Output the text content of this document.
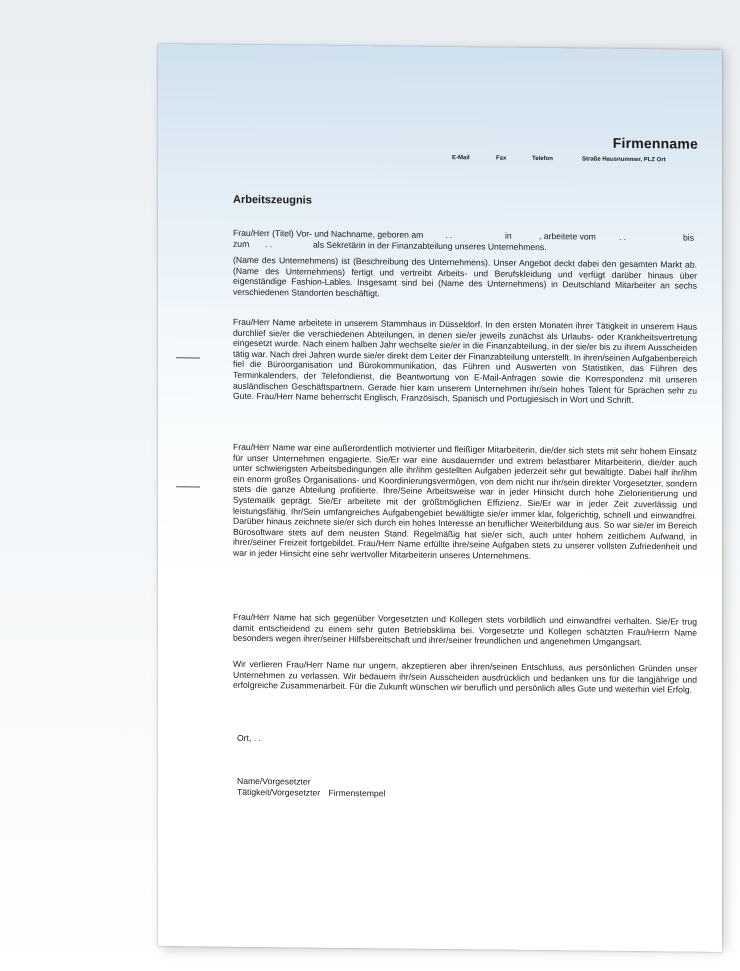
Firmenname
E-Mail	Fax	Telefon	Straße Hausnummer, PLZ Ort
Arbeitszeugnis
Frau/Herr (Titel) Vor- und Nachname, geboren am	. .	in	, arbeitete vom	. .	bis
zum . .	als Sekretärin in der Finanzabteilung unseres Unternehmens.
(Name des Unternehmens) ist (Beschreibung des Unternehmens). Unser Angebot deckt dabei den gesamten Markt ab. (Name des Unternehmens) fertigt und vertreibt Arbeits- und Berufskleidung und verfügt darüber hinaus über eigenständige Fashion-Lables. Insgesamt sind bei (Name des Unternehmens) in Deutschland Mitarbeiter an sechs verschiedenen Standorten beschäftigt.
Frau/Herr Name arbeitete in unserem Stammhaus in Düsseldorf. In den ersten Monaten ihrer Tätigkeit in unserem Haus durchlief sie/er die verschiedenen Abteilungen, in denen sie/er jeweils zunächst als Urlaubs- oder Krankheitsvertretung eingesetzt wurde. Nach einem halben Jahr wechselte sie/er in die Finanzabteilung, in der sie/er bis zu ihrem Ausscheiden tätig war. Nach drei Jahren wurde sie/er direkt dem Leiter der Finanzabteilung unterstellt. In ihren/seinen Aufgabenbereich fiel die Büroorganisation und Bürokommunikation, das Führen und Auswerten von Statistiken, das Führen des Terminkalenders, der Telefondienst, die Beantwortung von E-Mail-Anfragen sowie die Korrespondenz mit unseren ausländischen Geschäftspartnern. Gerade hier kam unserem Unternehmen ihr/sein hohes Talent für Sprachen sehr zu Gute. Frau/Herr Name beherrscht Englisch, Französisch, Spanisch und Portugiesisch in Wort und Schrift.
Frau/Herr Name war eine außerordentlich motivierter und fleißiger Mitarbeiterin, die/der sich stets mit sehr hohem Einsatz für unser Unternehmen engagierte. Sie/Er war eine ausdauernder und extrem belastbarer Mitarbeiterin, die/der auch unter schwierigsten Arbeitsbedingungen alle ihr/ihm gestellten Aufgaben jederzeit sehr gut bewältigte. Dabei half ihr/ihm ein enorm großes Organisations- und Koordinierungsvermögen, von dem nicht nur ihr/sein direkter Vorgesetzter, sondern stets die ganze Abteilung profitierte. Ihre/Seine Arbeitsweise war in jeder Hinsicht durch hohe Zielorientierung und Systematik geprägt. Sie/Er arbeitete mit der größtmöglichen Effizienz. Sie/Er war in jeder Zeit zuverlässig und leistungsfähig. Ihr/Sein umfangreiches Aufgabengebiet bewältigte sie/er immer klar, folgerichtig, schnell und einwandfrei. Darüber hinaus zeichnete sie/er sich durch ein hohes Interesse an beruflicher Weiterbildung aus. So war sie/er im Bereich Bürosoftware stets auf dem neusten Stand. Regelmäßig hat sie/er sich, auch unter hohem zeitlichem Aufwand, in ihrer/seiner Freizeit fortgebildet. Frau/Herr Name erfüllte ihre/seine Aufgaben stets zu unserer vollsten Zufriedenheit und war in jeder Hinsicht eine sehr wertvoller Mitarbeiterin unseres Unternehmens.
Frau/Herr Name hat sich gegenüber Vorgesetzten und Kollegen stets vorbildlich und einwandfrei verhalten. Sie/Er trug damit entscheidend zu einem sehr guten Betriebsklima bei. Vorgesetzte und Kollegen schätzten Frau/Herrn Name besonders wegen ihrer/seiner Hilfsbereitschaft und ihrer/seiner freundlichen und angenehmen Umgangsart.
Wir verlieren Frau/Herr Name nur ungern, akzeptieren aber ihren/seinen Entschluss, aus persönlichen Gründen unser Unternehmen zu verlassen. Wir bedauern ihr/sein Ausscheiden ausdrücklich und bedanken uns für die langjährige und erfolgreiche Zusammenarbeit. Für die Zukunft wünschen wir beruflich und persönlich alles Gute und weiterhin viel Erfolg.
Ort, . .
Name/Vorgesetzter
Tätigkeit/Vorgesetzter Firmenstempel
